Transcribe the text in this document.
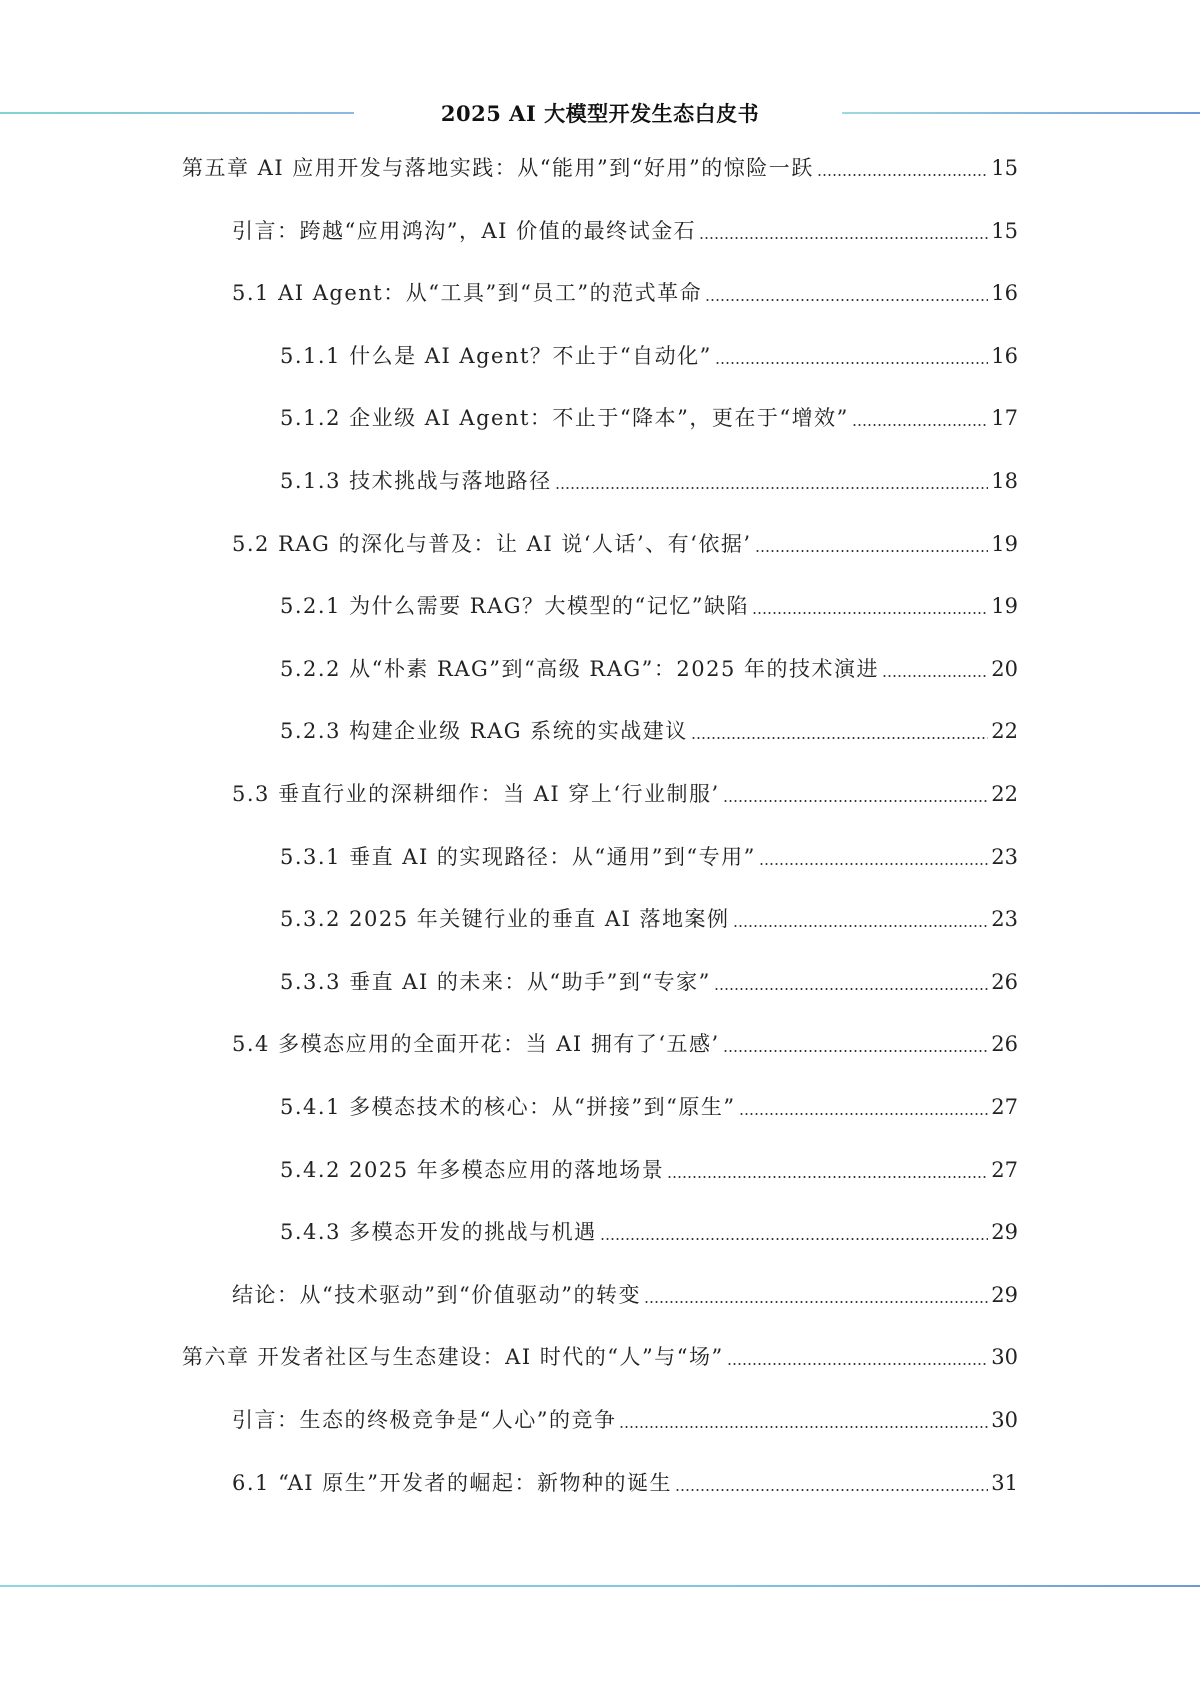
2025 AI 大模型开发生态白皮书
第五章 AI 应用开发与落地实践：从“能用”到“好用”的惊险一跃	15
引言：跨越“应用鸿沟”，AI 价值的最终试金石	15
5.1 AI Agent：从“工具”到“员工”的范式革命	16
5.1.1 什么是 AI Agent？不止于“自动化”	16
5.1.2 企业级 AI Agent：不止于“降本”，更在于“增效”	17
5.1.3 技术挑战与落地路径	18
5.2 RAG 的深化与普及：让 AI 说‘人话’、有‘依据’	19
5.2.1 为什么需要 RAG？大模型的“记忆”缺陷	19
5.2.2 从“朴素 RAG”到“高级 RAG”：2025 年的技术演进	20
5.2.3 构建企业级 RAG 系统的实战建议	22
5.3 垂直行业的深耕细作：当 AI 穿上‘行业制服’	22
5.3.1 垂直 AI 的实现路径：从“通用”到“专用”	23
5.3.2 2025 年关键行业的垂直 AI 落地案例	23
5.3.3 垂直 AI 的未来：从“助手”到“专家”	26
5.4 多模态应用的全面开花：当 AI 拥有了‘五感’	26
5.4.1 多模态技术的核心：从“拼接”到“原生”	27
5.4.2 2025 年多模态应用的落地场景	27
5.4.3 多模态开发的挑战与机遇	29
结论：从“技术驱动”到“价值驱动”的转变	29
第六章 开发者社区与生态建设：AI 时代的“人”与“场”	30
引言：生态的终极竞争是“人心”的竞争	30
6.1 “AI 原生”开发者的崛起：新物种的诞生	31
